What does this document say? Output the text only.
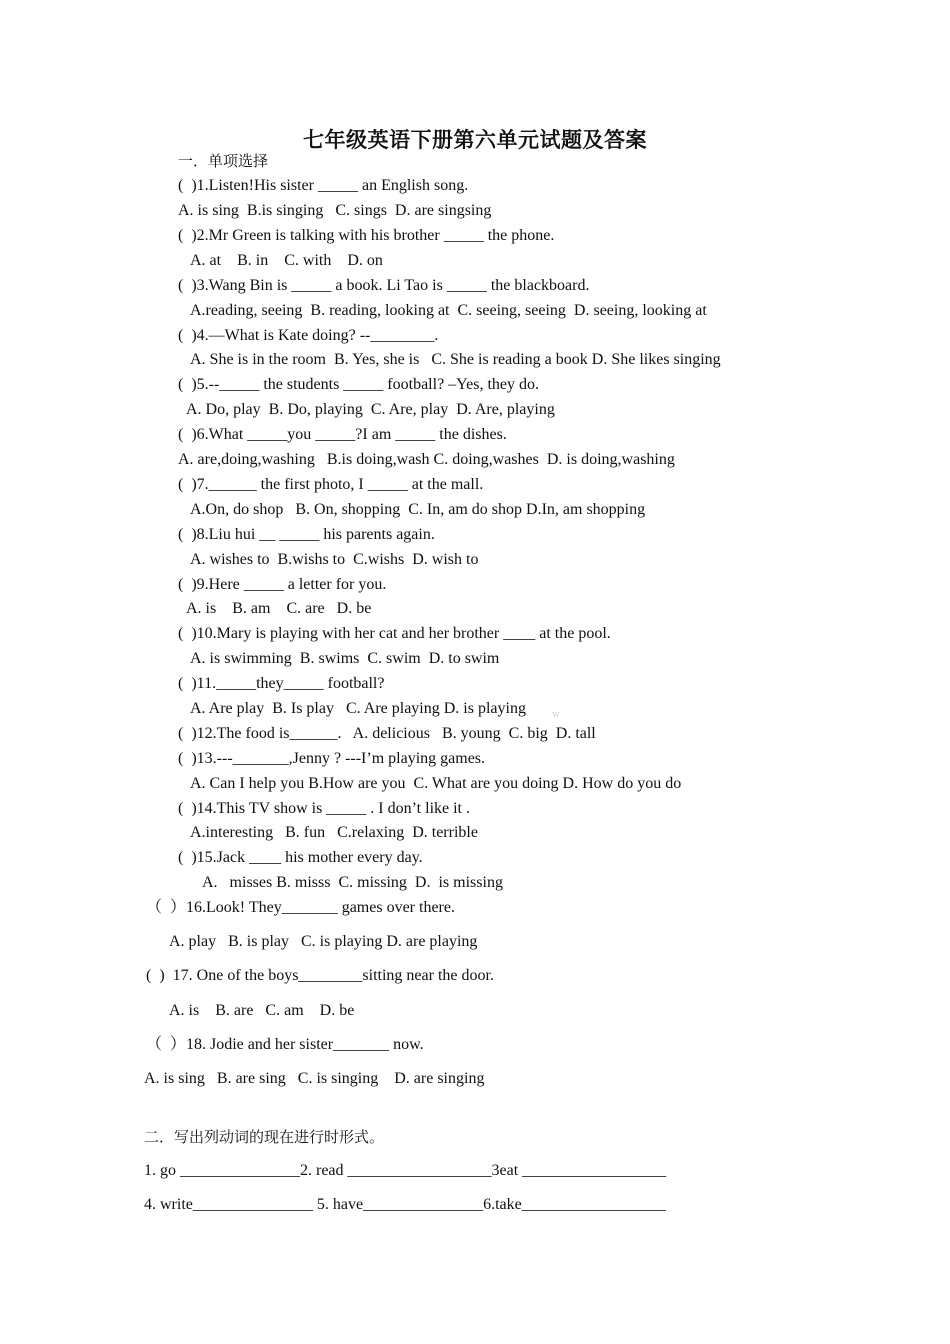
七年级英语下册第六单元试题及答案
一．单项选择
(  )1.Listen!His sister _____ an English song.
A. is sing  B.is singing   C. sings  D. are singsing
(  )2.Mr Green is talking with his brother _____ the phone.
A. at    B. in    C. with    D. on
(  )3.Wang Bin is _____ a book. Li Tao is _____ the blackboard.
A.reading, seeing  B. reading, looking at  C. seeing, seeing  D. seeing, looking at
(  )4.—What is Kate doing? --________.
A. She is in the room  B. Yes, she is   C. She is reading a book D. She likes singing
(  )5.--_____ the students _____ football? –Yes, they do.
A. Do, play  B. Do, playing  C. Are, play  D. Are, playing
(  )6.What _____you _____?I am _____ the dishes.
A. are,doing,washing   B.is doing,wash C. doing,washes  D. is doing,washing
(  )7.______ the first photo, I _____ at the mall.
A.On, do shop   B. On, shopping  C. In, am do shop D.In, am shopping
(  )8.Liu hui __ _____ his parents again.
A. wishes to  B.wishs to  C.wishs  D. wish to
(  )9.Here _____ a letter for you.
A. is    B. am    C. are   D. be
(  )10.Mary is playing with her cat and her brother ____ at the pool.
A. is swimming  B. swims  C. swim  D. to swim
(  )11._____they_____ football?
A. Are play  B. Is play   C. Are playing D. is playing w
(  )12.The food is______.   A. delicious   B. young  C. big  D. tall
(  )13.---_______,Jenny ? ---I’m playing games.
A. Can I help you B.How are you  C. What are you doing D. How do you do
(  )14.This TV show is _____ . I don’t like it .
A.interesting   B. fun   C.relaxing  D. terrible
(  )15.Jack ____ his mother every day.
A.   misses B. misss  C. missing  D.  is missing
（  ）16.Look! They_______ games over there.
A. play   B. is play   C. is playing D. are playing
(  )  17. One of the boys________sitting near the door.
A. is    B. are   C. am    D. be
（  ）18. Jodie and her sister_______ now.
A. is sing   B. are sing   C. is singing    D. are singing
二．写出列动词的现在进行时形式。
1. go _______________2. read __________________3eat __________________
4. write_______________ 5. have_______________6.take__________________
